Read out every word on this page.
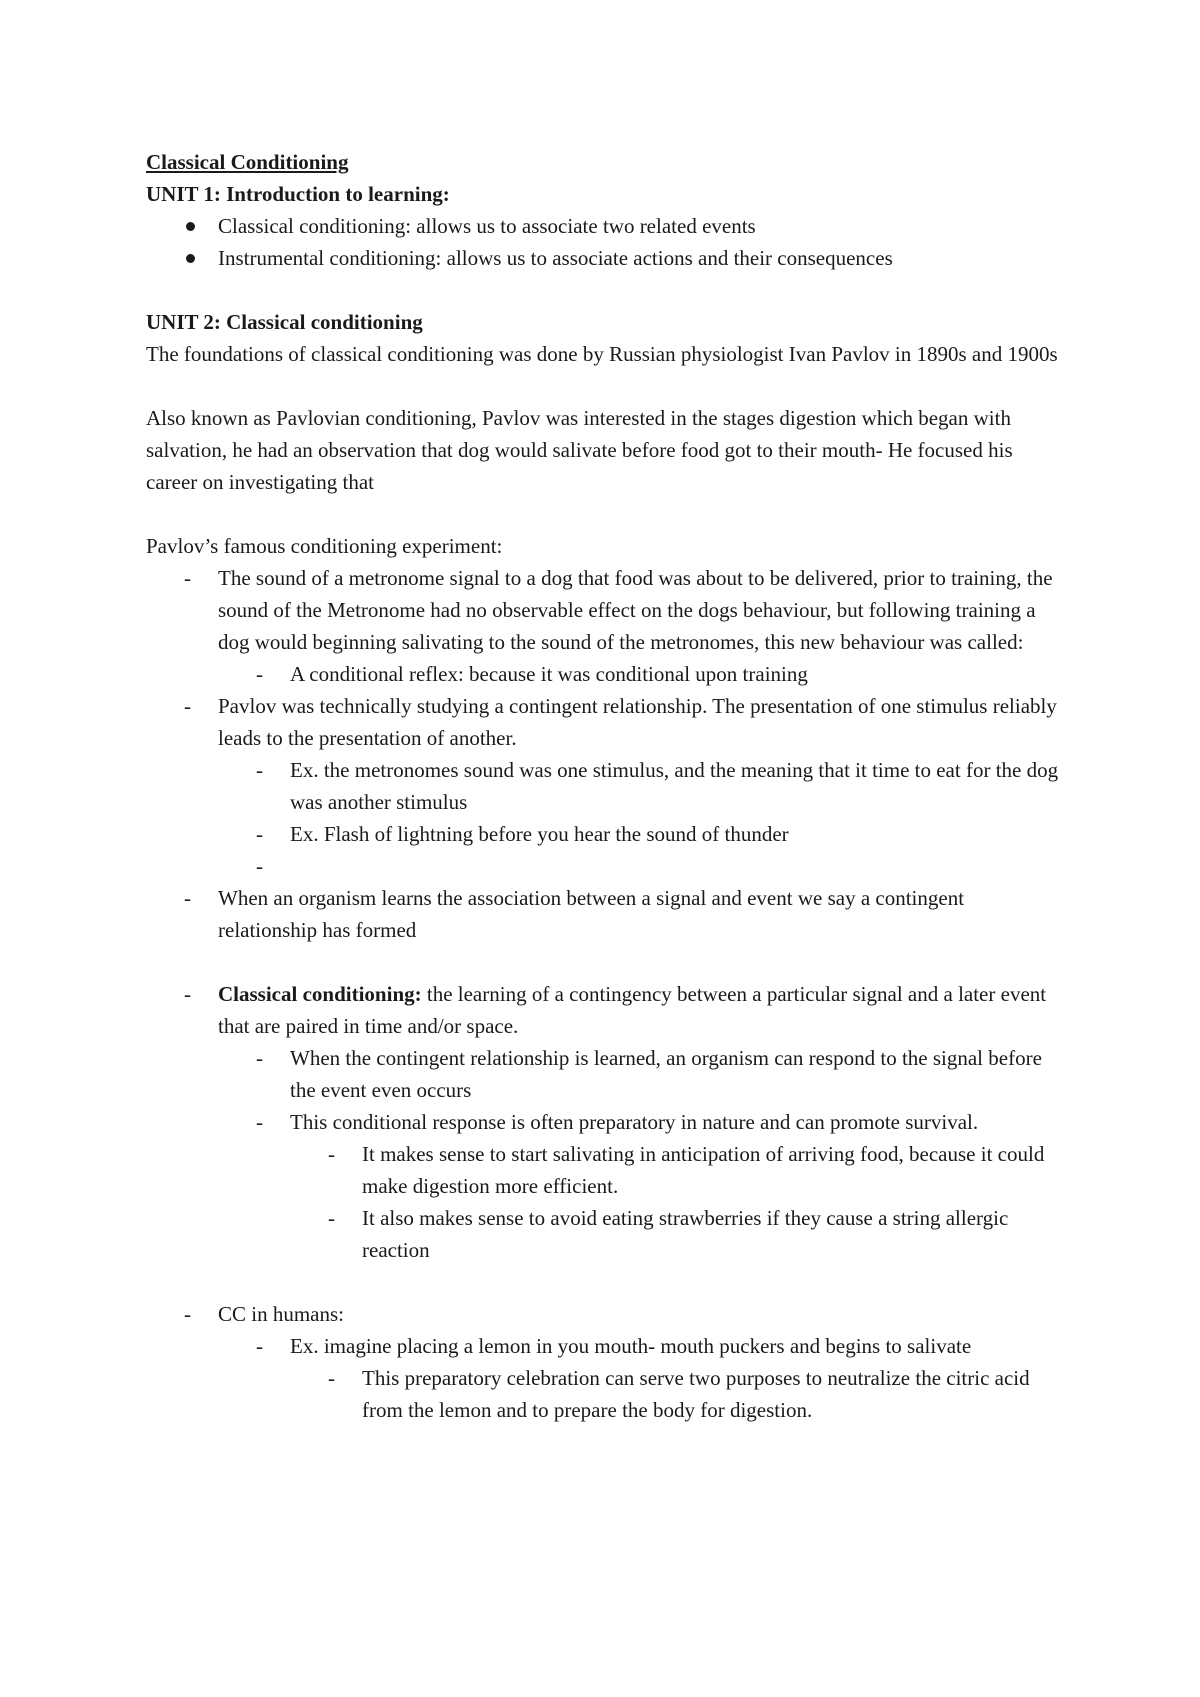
Classical Conditioning

UNIT 1: Introduction to learning:

Classical conditioning: allows us to associate two related events
Instrumental conditioning: allows us to associate actions and their consequences

UNIT 2: Classical conditioning

The foundations of classical conditioning was done by Russian physiologist Ivan Pavlov in 1890s and 1900s

Also known as Pavlovian conditioning, Pavlov was interested in the stages digestion which began with salvation, he had an observation that dog would salivate before food got to their mouth- He focused his career on investigating that

Pavlov’s famous conditioning experiment:

- The sound of a metronome signal to a dog that food was about to be delivered, prior to training, the sound of the Metronome had no observable effect on the dogs behaviour, but following training a dog would beginning salivating to the sound of the metronomes, this new behaviour was called:
- A conditional reflex: because it was conditional upon training
- Pavlov was technically studying a contingent relationship. The presentation of one stimulus reliably leads to the presentation of another.
- Ex. the metronomes sound was one stimulus, and the meaning that it time to eat for the dog was another stimulus
- Ex. Flash of lightning before you hear the sound of thunder
-
- When an organism learns the association between a signal and event we say a contingent relationship has formed
- Classical conditioning: the learning of a contingency between a particular signal and a later event that are paired in time and/or space.
- When the contingent relationship is learned, an organism can respond to the signal before the event even occurs
- This conditional response is often preparatory in nature and can promote survival.
- It makes sense to start salivating in anticipation of arriving food, because it could make digestion more efficient.
- It also makes sense to avoid eating strawberries if they cause a string allergic reaction
- CC in humans:
- Ex. imagine placing a lemon in you mouth- mouth puckers and begins to salivate
- This preparatory celebration can serve two purposes to neutralize the citric acid from the lemon and to prepare the body for digestion.
